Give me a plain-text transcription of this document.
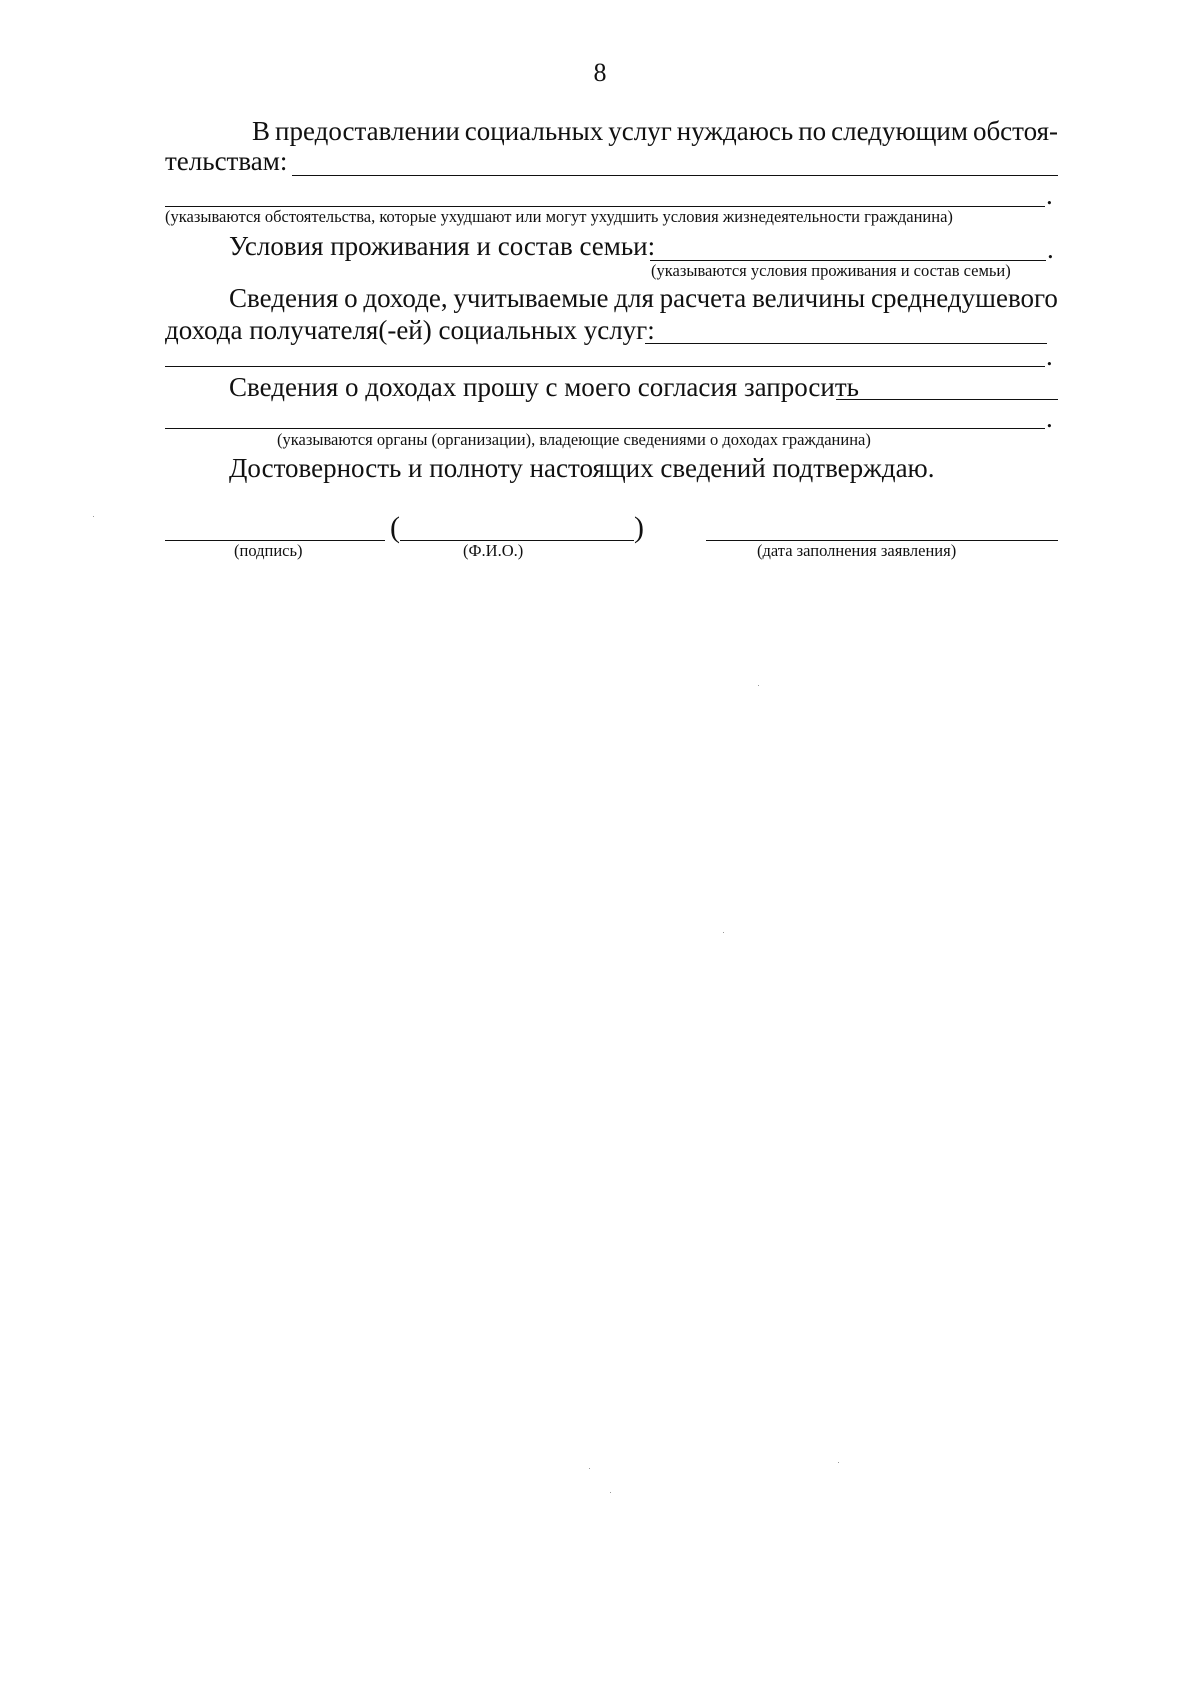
8
В предоставлении социальных услуг нуждаюсь по следующим обстоя-
тельствам:
.
(указываются обстоятельства, которые ухудшают или могут ухудшить условия жизнедеятельности гражданина)
Условия проживания и состав семьи:	.
(указываются условия проживания и состав семьи)
Сведения о доходе, учитываемые для расчета величины среднедушевого
дохода получателя(-ей) социальных услуг:
.
Сведения о доходах прошу с моего согласия запросить
.
(указываются органы (организации), владеющие сведениями о доходах гражданина)
Достоверность и полноту настоящих сведений подтверждаю.
(	)
(подпись)	(Ф.И.О.)	(дата заполнения заявления)
